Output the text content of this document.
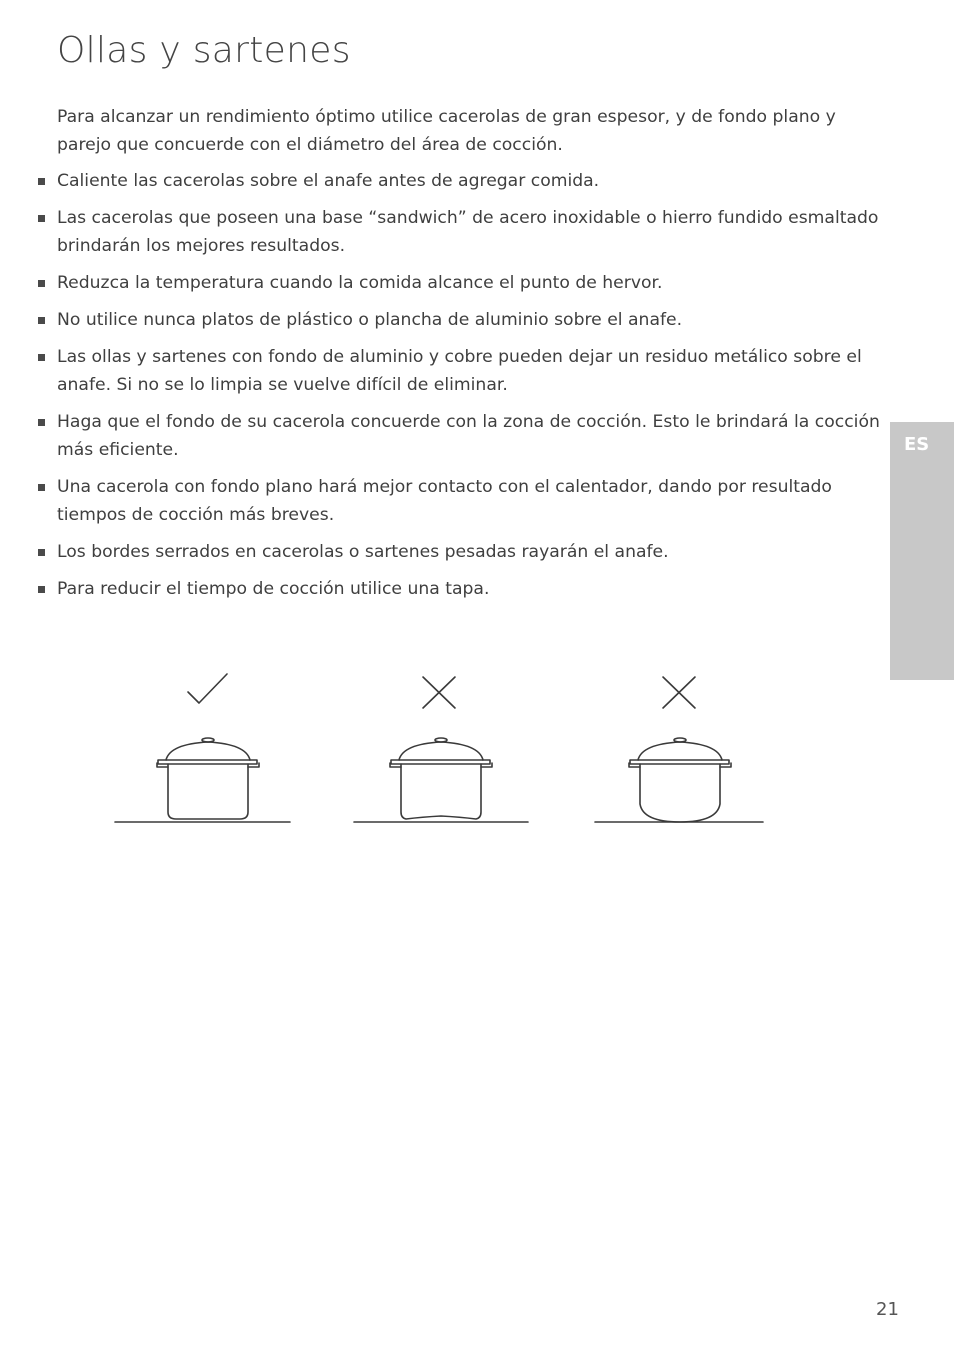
Ollas y sartenes
Para alcanzar un rendimiento óptimo utilice cacerolas de gran espesor, y de fondo plano y parejo que concuerde con el diámetro del área de cocción.
Caliente las cacerolas sobre el anafe antes de agregar comida.
Las cacerolas que poseen una base “sandwich” de acero inoxidable o hierro fundido esmaltado brindarán los mejores resultados.
Reduzca la temperatura cuando la comida alcance el punto de hervor.
No utilice nunca platos de plástico o plancha de aluminio sobre el anafe.
Las ollas y sartenes con fondo de aluminio y cobre pueden dejar un residuo metálico sobre el anafe. Si no se lo limpia se vuelve difícil de eliminar.
Haga que el fondo de su cacerola concuerde con la zona de cocción. Esto le brindará la cocción más eficiente.
Una cacerola con fondo plano hará mejor contacto con el calentador, dando por resultado tiempos de cocción más breves.
Los bordes serrados en cacerolas o sartenes pesadas rayarán el anafe.
Para reducir el tiempo de cocción utilice una tapa.
ES
21
